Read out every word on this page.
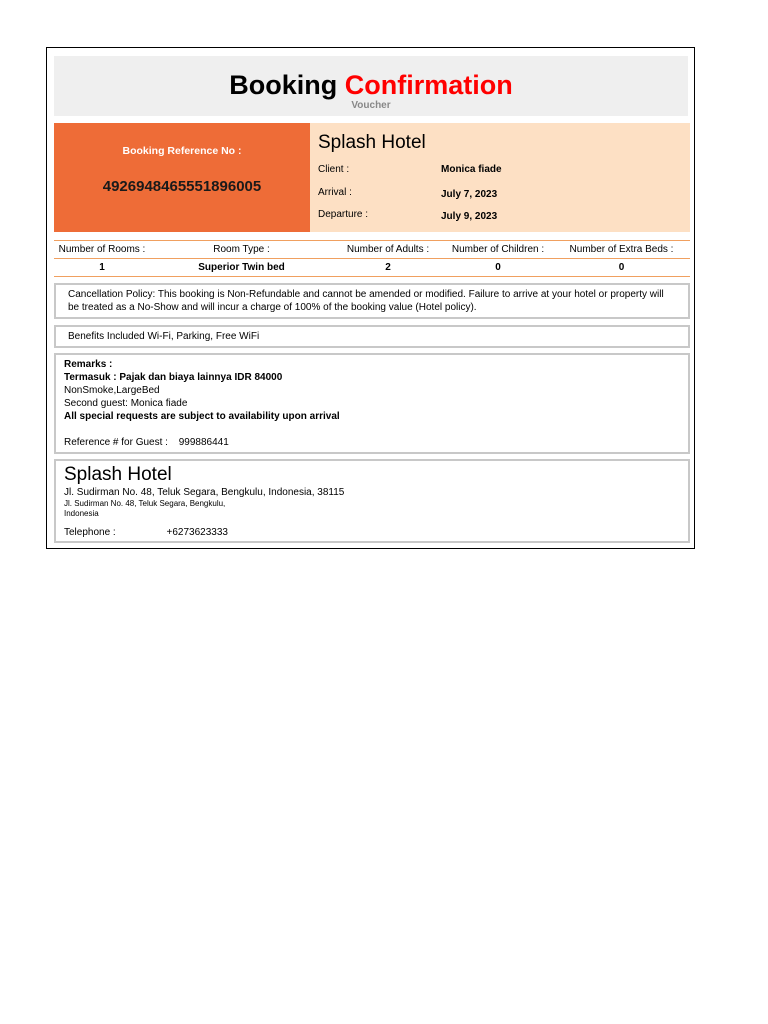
Booking Confirmation
Voucher
Booking Reference No :
4926948465551896005
Splash Hotel
Client :	Monica fiade
Arrival :	July 7, 2023
Departure :	July 9, 2023
Number of Rooms :	Room Type :	Number of Adults :	Number of Children :	Number of Extra Beds :
1	Superior Twin bed	2	0	0
Cancellation Policy: This booking is Non-Refundable and cannot be amended or modified. Failure to arrive at your hotel or property will be treated as a No-Show and will incur a charge of 100% of the booking value (Hotel policy).
Benefits Included Wi-Fi, Parking, Free WiFi
Remarks :
Termasuk : Pajak dan biaya lainnya IDR 84000
NonSmoke,LargeBed
Second guest: Monica fiade
All special requests are subject to availability upon arrival
Reference # for Guest : 999886441
Splash Hotel
Jl. Sudirman No. 48, Teluk Segara, Bengkulu, Indonesia, 38115
Jl. Sudirman No. 48, Teluk Segara, Bengkulu,
Indonesia
Telephone :	+6273623333
